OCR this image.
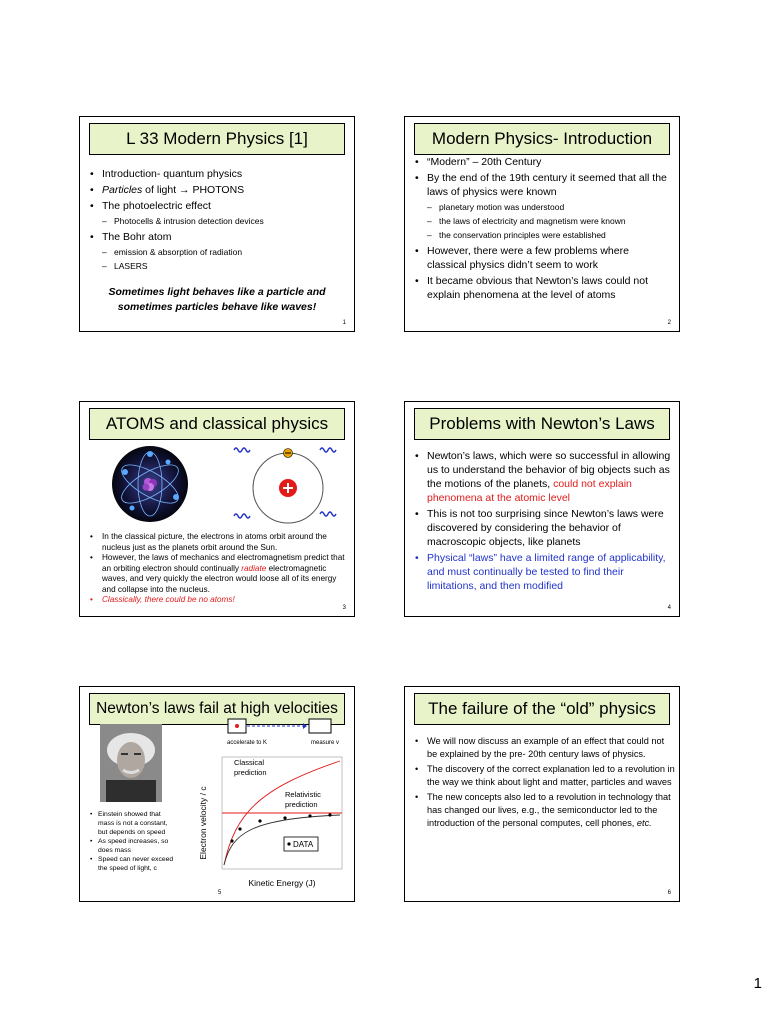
L 33 Modern Physics [1]
• Introduction- quantum physics
• Particles of light → PHOTONS
• The photoelectric effect
– Photocells & intrusion detection devices
• The Bohr atom
– emission & absorption of radiation
– LASERS
Sometimes light behaves like a particle and sometimes particles behave like waves!
1
Modern Physics- Introduction
• “Modern” – 20th Century
• By the end of the 19th century it seemed that all the laws of physics were known
– planetary motion was understood
– the laws of electricity and magnetism were known
– the conservation principles were established
• However, there were a few problems where classical physics didn’t seem to work
• It became obvious that Newton’s laws could not explain phenomena at the level of atoms
2
ATOMS and classical physics
• In the classical picture, the electrons in atoms orbit around the nucleus just as the planets orbit around the Sun.
• However, the laws of mechanics and electromagnetism predict that an orbiting electron should continually radiate electromagnetic waves, and very quickly the electron would loose all of its energy and collapse into the nucleus.
• Classically, there could be no atoms!
3
Problems with Newton’s Laws
• Newton’s laws, which were so successful in allowing us to understand the behavior of big objects such as the motions of the planets, could not explain phenomena at the atomic level
• This is not too surprising since Newton’s laws were discovered by considering the behavior of macroscopic objects, like planets
• Physical “laws” have a limited range of applicability, and must continually be tested to find their limitations, and then modified
4
Newton’s laws fail at high velocities
accelerate to K	measure v
Electron velocity / c
Classical
prediction
Relativistic
prediction
DATA
Kinetic Energy (J)
• Einstein showed that mass is not a constant, but depends on speed
• As speed increases, so does mass
• Speed can never exceed the speed of light, c
5
The failure of the “old” physics
• We will now discuss an example of an effect that could not be explained by the pre- 20th century laws of physics.
• The discovery of the correct explanation led to a revolution in the way we think about light and matter, particles and waves
• The new concepts also led to a revolution in technology that has changed our lives, e.g., the semiconductor led to the introduction of the personal computes, cell phones, etc.
6
1
